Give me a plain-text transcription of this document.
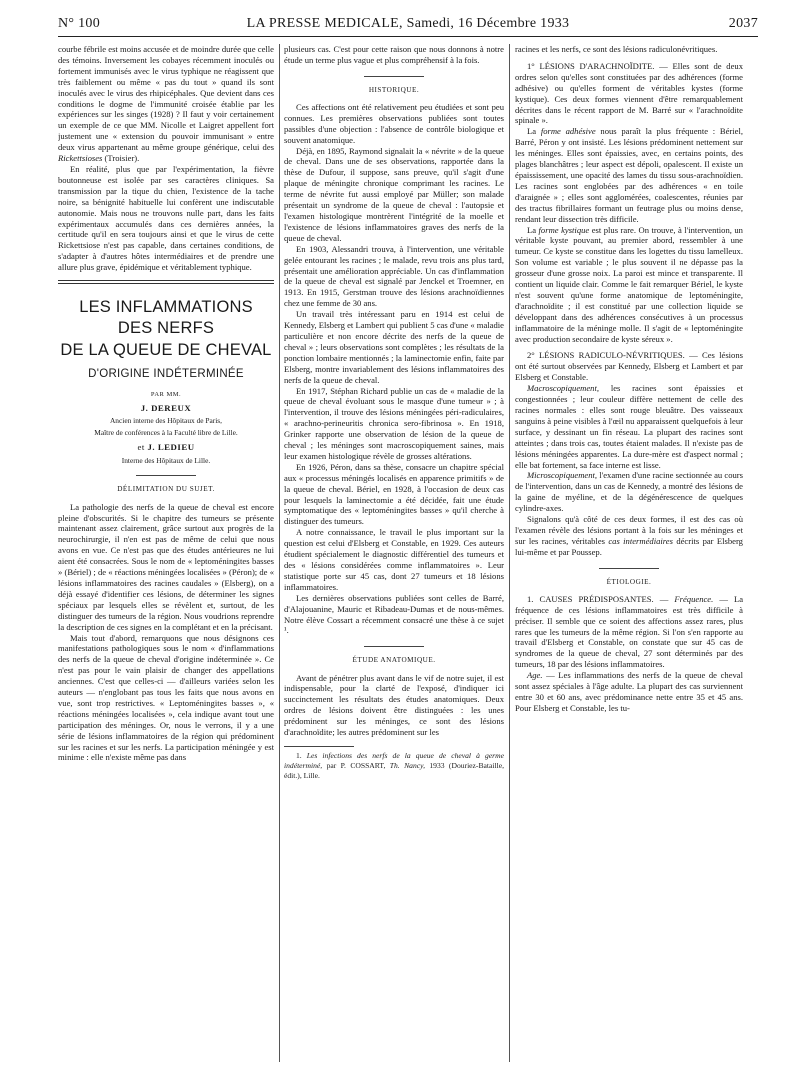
N° 100	LA PRESSE MEDICALE, Samedi, 16 Décembre 1933	2037

courbe fébrile est moins accusée et de moindre durée que celle des témoins. Inversement les cobayes récemment inoculés ou fortement immunisés avec le virus typhique ne réagissent que très faiblement ou même « pas du tout » quand ils sont inoculés avec le virus des rhipicéphales. Que devient dans ces conditions le dogme de l'immunité croisée établie par les expériences sur les singes (1928) ? Il faut y voir certainement un exemple de ce que MM. Nicolle et Laigret appellent fort justement une « extension du pouvoir immunisant » entre deux virus appartenant au même groupe générique, celui des Rickettsioses (Troisier).

En réalité, plus que par l'expérimentation, la fièvre boutonneuse est isolée par ses caractères cliniques. Sa transmission par la tique du chien, l'existence de la tache noire, sa bénignité habituelle lui confèrent une indiscutable autonomie. Mais nous ne trouvons nulle part, dans les faits expérimentaux accumulés dans ces dernières années, la certitude qu'il en sera toujours ainsi et que le virus de cette Rickettsiose n'est pas capable, dans certaines conditions, de s'adapter à d'autres hôtes intermédiaires et de prendre une allure plus grave, épidémique et véritablement typhique.

LES INFLAMMATIONS
DES NERFS
DE LA QUEUE DE CHEVAL
D'ORIGINE INDÉTERMINÉE
PAR MM.
J. DEREUX
Ancien interne des Hôpitaux de Paris,
Maître de conférences à la Faculté libre de Lille.
et J. LEDIEU
Interne des Hôpitaux de Lille.
DÉLIMITATION DU SUJET.

La pathologie des nerfs de la queue de cheval est encore pleine d'obscurités. Si le chapitre des tumeurs se présente maintenant assez clairement, grâce surtout aux progrès de la neurochirurgie, il n'en est pas de même de celui que nous avons en vue. Ce n'est pas que des études antérieures ne lui aient été consacrées. Sous le nom de « leptoméningites basses » (Bériel) ; de « réactions méningées localisées » (Péron); de « lésions inflammatoires des racines caudales » (Elsberg), on a déjà essayé d'identifier ces lésions, de déterminer les signes spéciaux par lesquels elles se révèlent et, surtout, de les distinguer des tumeurs de la région. Nous voudrions reprendre la description de ces signes en la complétant et en la précisant.

Mais tout d'abord, remarquons que nous désignons ces manifestations pathologiques sous le nom « d'inflammations des nerfs de la queue de cheval d'origine indéterminée ». Ce n'est pas pour le vain plaisir de changer des appellations anciennes. C'est que celles-ci — d'ailleurs variées selon les auteurs — n'englobant pas tous les faits que nous avons en vue, sont trop restrictives. « Leptoméningites basses », « réactions méningées localisées », cela indique avant tout une participation des méninges. Or, nous le verrons, il y a une série de lésions inflammatoires de la région qui prédominent sur les racines et sur les nerfs. La participation méningée y est minime : elle n'existe même pas dans

plusieurs cas. C'est pour cette raison que nous donnons à notre étude un terme plus vague et plus compréhensif à la fois.

HISTORIQUE.

Ces affections ont été relativement peu étudiées et sont peu connues. Les premières observations publiées sont toutes passibles d'une objection : l'absence de contrôle biologique et souvent anatomique.

Déjà, en 1895, Raymond signalait la « névrite » de la queue de cheval. Dans une de ses observations, rapportée dans la thèse de Dufour, il suppose, sans preuve, qu'il s'agit d'une plaque de méningite chronique comprimant les racines. Le terme de névrite fut aussi employé par Müller; son malade présentait un syndrome de la queue de cheval : l'autopsie et l'examen histologique montrèrent l'intégrité de la moelle et l'existence de lésions inflammatoires graves des nerfs de la queue de cheval.

En 1903, Alessandri trouva, à l'intervention, une véritable gelée entourant les racines ; le malade, revu trois ans plus tard, présentait une amélioration appréciable. Un cas d'inflammation de la queue de cheval est signalé par Jenckel et Troemner, en 1913. En 1915, Gerstman trouve des lésions arachnoïdiennes chez une femme de 30 ans.

Un travail très intéressant paru en 1914 est celui de Kennedy, Elsberg et Lambert qui publient 5 cas d'une « maladie particulière et non encore décrite des nerfs de la queue de cheval » ; leurs observations sont complètes ; les résultats de la ponction lombaire mentionnés ; la laminectomie enfin, faite par Elsberg, montre invariablement des lésions inflammatoires des nerfs de la queue de cheval.

En 1917, Stéphan Richard publie un cas de « maladie de la queue de cheval évoluant sous le masque d'une tumeur » ; à l'intervention, il trouve des lésions méningées péri-radiculaires, « arachno-perineuritis chronica sero-fibrinosa ». En 1918, Grinker rapporte une observation de lésion de la queue de cheval ; les méninges sont macroscopiquement saines, mais leur examen histologique révèle de grosses altérations.

En 1926, Péron, dans sa thèse, consacre un chapitre spécial aux « processus méningés localisés en apparence primitifs » de la queue de cheval. Bériel, en 1928, à l'occasion de deux cas pour lesquels la laminectomie a été décidée, fait une étude symptomatique des « leptoméningites basses » qu'il cherche à distinguer des tumeurs.

A notre connaissance, le travail le plus important sur la question est celui d'Elsberg et Constable, en 1929. Ces auteurs étudient spécialement le diagnostic différentiel des tumeurs et des « lésions considérées comme inflammatoires ». Leur statistique porte sur 45 cas, dont 27 tumeurs et 18 lésions inflammatoires.

Les dernières observations publiées sont celles de Barré, d'Alajouanine, Mauric et Ribadeau-Dumas et de nous-mêmes. Notre élève Cossart a récemment consacré une thèse à ce sujet ¹.

ÉTUDE ANATOMIQUE.

Avant de pénétrer plus avant dans le vif de notre sujet, il est indispensable, pour la clarté de l'exposé, d'indiquer ici succinctement les résultats des études anatomiques. Deux ordres de lésions doivent être distinguées : les unes prédominent sur les méninges, ce sont des lésions d'arachnoïdite; les autres prédominent sur les

1. Les infections des nerfs de la queue de cheval à germe indéterminé, par P. COSSART, Th. Nancy, 1933 (Douriez-Bataille, édit.), Lille.

racines et les nerfs, ce sont des lésions radiculonévritiques.

1° LÉSIONS D'ARACHNOÏDITE. — Elles sont de deux ordres selon qu'elles sont constituées par des adhérences (forme adhésive) ou qu'elles forment de véritables kystes (forme kystique). Ces deux formes viennent d'être remarquablement décrites dans le récent rapport de M. Barré sur « l'arachnoïdite spinale ».

La forme adhésive nous paraît la plus fréquente : Bériel, Barré, Péron y ont insisté. Les lésions prédominent nettement sur les méninges. Elles sont épaissies, avec, en certains points, des plages blanchâtres ; leur aspect est dépoli, opalescent. Il existe un épaississement, une opacité des lames du tissu sous-arachnoïdien. Les racines sont englobées par des adhérences « en toile d'araignée » ; elles sont agglomérées, coalescentes, réunies par des tractus fibrillaires formant un feutrage plus ou moins dense, rendant leur dissection très difficile.

La forme kystique est plus rare. On trouve, à l'intervention, un véritable kyste pouvant, au premier abord, ressembler à une tumeur. Ce kyste se constitue dans les logettes du tissu lamelleux. Son volume est variable ; le plus souvent il ne dépasse pas la grosseur d'une grosse noix. La paroi est mince et transparente. Il contient un liquide clair. Comme le fait remarquer Bériel, le kyste n'est souvent qu'une forme anatomique de leptoméningite, d'arachnoïdite ; il est constitué par une collection liquide se développant dans des adhérences consécutives à un processus inflammatoire de la méninge molle. Il s'agit de « leptoméningite avec production secondaire de kyste séreux ».

2° LÉSIONS RADICULO-NÉVRITIQUES. — Ces lésions ont été surtout observées par Kennedy, Elsberg et Lambert et par Elsberg et Constable.

Macroscopiquement, les racines sont épaissies et congestionnées ; leur couleur diffère nettement de celle des racines normales : elles sont rouge bleuâtre. Des vaisseaux sanguins à peine visibles à l'œil nu apparaissent quelquefois à leur surface, y dessinant un fin réseau. La plupart des racines sont atteintes ; dans trois cas, toutes étaient malades. Il n'existe pas de lésions méningées apparentes. La dure-mère est d'aspect normal ; elle bat fortement, sa face interne est lisse.

Microscopiquement, l'examen d'une racine sectionnée au cours de l'intervention, dans un cas de Kennedy, a montré des lésions de la gaine de myéline, et de la dégénérescence de quelques cylindre-axes.

Signalons qu'à côté de ces deux formes, il est des cas où l'examen révèle des lésions portant à la fois sur les méninges et sur les racines, véritables cas intermédiaires décrits par Elsberg lui-même et par Poussep.

ÉTIOLOGIE.

1. CAUSES PRÉDISPOSANTES. — Fréquence. — La fréquence de ces lésions inflammatoires est très difficile à préciser. Il semble que ce soient des affections assez rares, plus rares que les tumeurs de la même région. Si l'on s'en rapporte au travail d'Elsberg et Constable, on constate que sur 45 cas de syndromes de la queue de cheval, 27 sont déterminés par des tumeurs, 18 par des lésions inflammatoires.

Age. — Les inflammations des nerfs de la queue de cheval sont assez spéciales à l'âge adulte. La plupart des cas surviennent entre 30 et 60 ans, avec prédominance nette entre 35 et 45 ans. Pour Elsberg et Constable, les tu-
